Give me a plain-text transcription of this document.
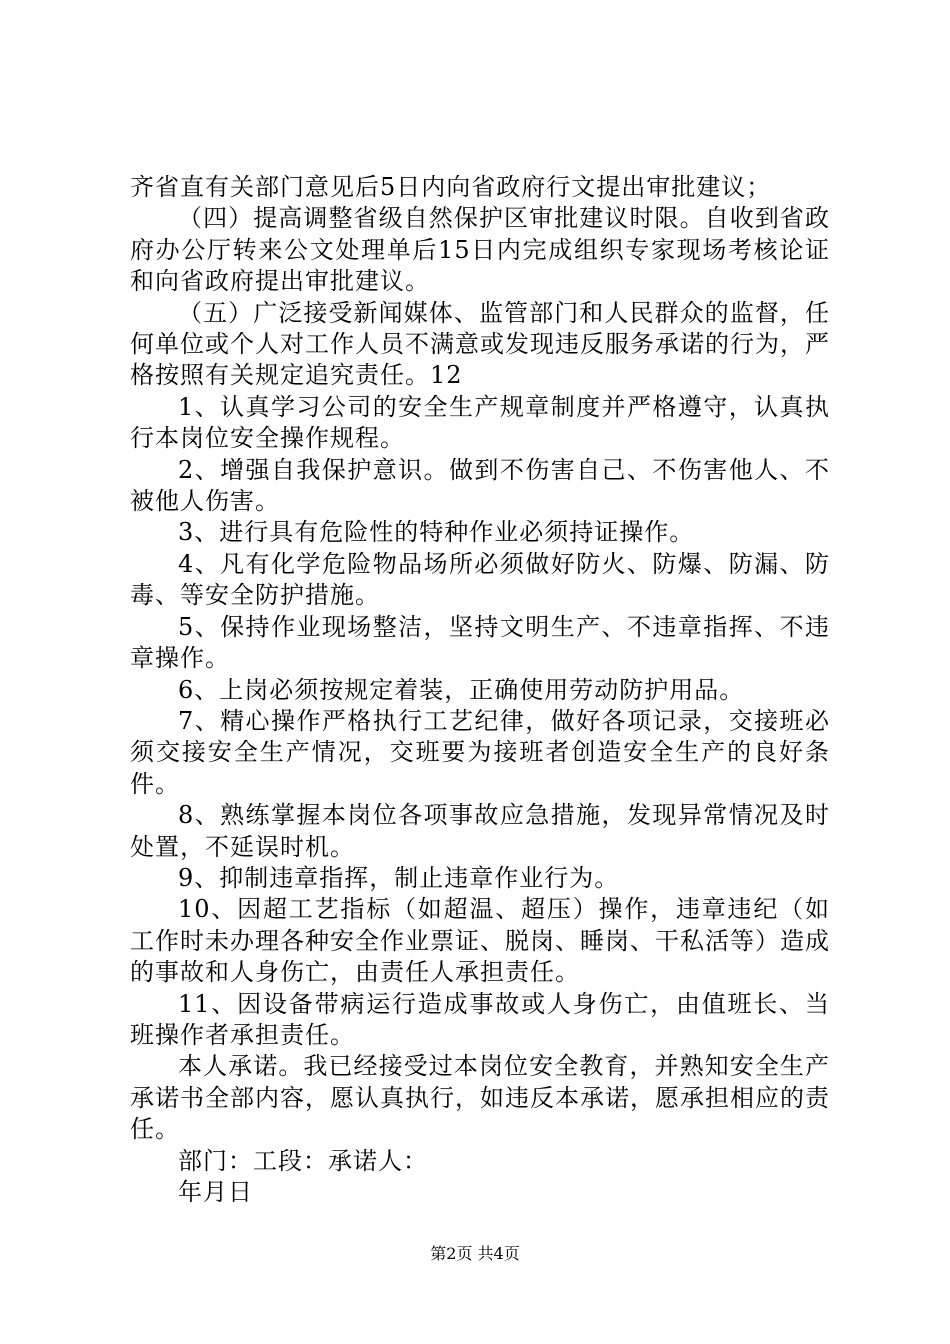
齐省直有关部门意见后5日内向省政府行文提出审批建议；

（四）提高调整省级自然保护区审批建议时限。自收到省政府办公厅转来公文处理单后15日内完成组织专家现场考核论证和向省政府提出审批建议。

（五）广泛接受新闻媒体、监管部门和人民群众的监督，任何单位或个人对工作人员不满意或发现违反服务承诺的行为，严格按照有关规定追究责任。12

1、认真学习公司的安全生产规章制度并严格遵守，认真执行本岗位安全操作规程。

2、增强自我保护意识。做到不伤害自己、不伤害他人、不被他人伤害。

3、进行具有危险性的特种作业必须持证操作。

4、凡有化学危险物品场所必须做好防火、防爆、防漏、防毒、等安全防护措施。

5、保持作业现场整洁，坚持文明生产、不违章指挥、不违章操作。

6、上岗必须按规定着装，正确使用劳动防护用品。

7、精心操作严格执行工艺纪律，做好各项记录，交接班必须交接安全生产情况，交班要为接班者创造安全生产的良好条件。

8、熟练掌握本岗位各项事故应急措施，发现异常情况及时处置，不延误时机。

9、抑制违章指挥，制止违章作业行为。

10、因超工艺指标（如超温、超压）操作，违章违纪（如工作时未办理各种安全作业票证、脱岗、睡岗、干私活等）造成的事故和人身伤亡，由责任人承担责任。

11、因设备带病运行造成事故或人身伤亡，由值班长、当班操作者承担责任。

本人承诺。我已经接受过本岗位安全教育，并熟知安全生产承诺书全部内容，愿认真执行，如违反本承诺，愿承担相应的责任。

部门：工段：承诺人：

年月日

第2页 共4页
